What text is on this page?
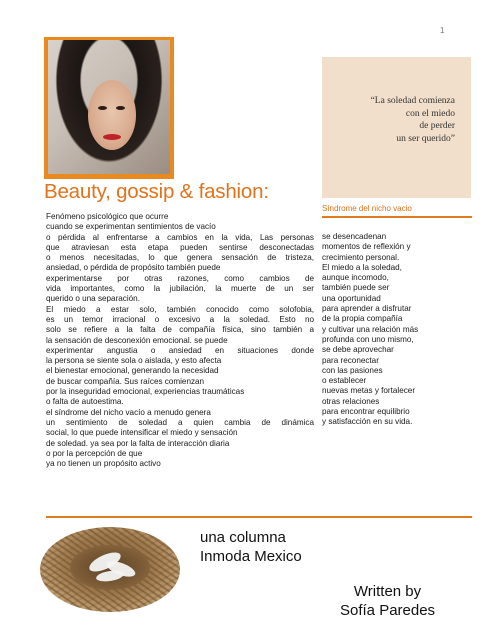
1
“La soledad comienza
con el miedo
de perder
un ser querido”
Síndrome del nicho vacio
Beauty, gossip & fashion:
Fenómeno psicológico que ocurre
cuando se experimentan sentimientos de vacío
o pérdida al enfrentarse a cambios en la vida, Las personas
que atraviesan esta etapa pueden sentirse desconectadas
o menos necesitadas, lo que genera sensación de tristeza,
ansiedad, o pérdida de propósito también puede
experimentarse por otras razones, como cambios de
vida importantes, como la jubilación, la muerte de un ser
querido o una separación.
El miedo a estar solo, también conocido como solofobia,
es un temor irracional o excesivo a la soledad. Esto no
solo se refiere a la falta de compañía física, sino también a
la sensación de desconexión emocional. se puede
experimentar angustia o ansiedad en situaciones donde
la persona se siente sola o aislada, y esto afecta
el bienestar emocional, generando la necesidad
de buscar compañía. Sus raíces comienzan
por la inseguridad emocional, experiencias traumáticas
o falta de autoestima.
el síndrome del nicho vacío a menudo genera
un sentimiento de soledad a quien cambia de dinámica
social, lo que puede intensificar el miedo y sensación
de soledad. ya sea por la falta de interacción diaria
o por la percepción de que
ya no tienen un propósito activo
se desencadenan
momentos de reflexión y
crecimiento personal.
El miedo a la soledad,
aunque incomodo,
también puede ser
una oportunidad
para aprender a disfrutar
de la propia compañía
y cultivar una relación más
profunda con uno mismo,
se debe aprovechar
para reconectar
con las pasiones
o establecer
nuevas metas y fortalecer
otras relaciones
para encontrar equilibrio
y satisfacción en su vida.
una columna
Inmoda Mexico
Written by
Sofía Paredes
